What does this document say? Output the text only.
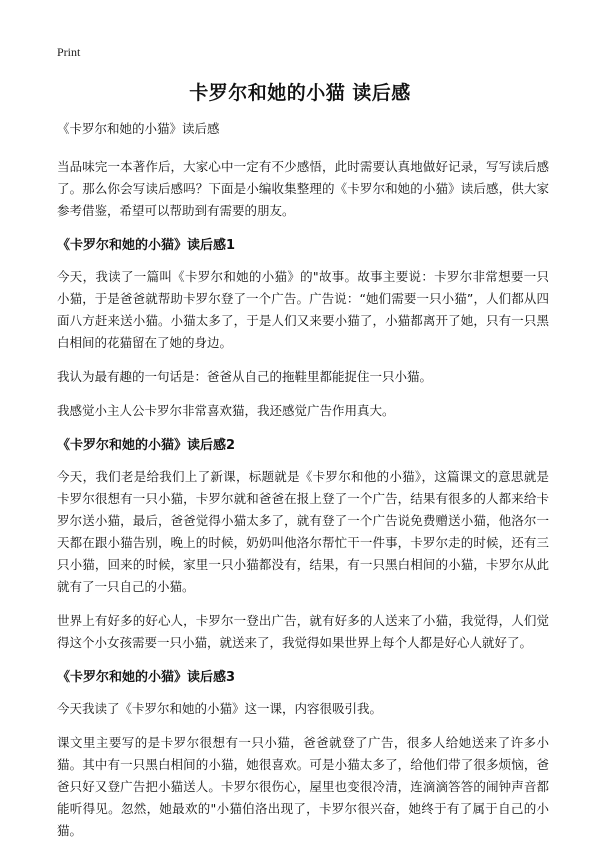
Print
卡罗尔和她的小猫 读后感

《卡罗尔和她的小猫》读后感

当品味完一本著作后，大家心中一定有不少感悟，此时需要认真地做好记录，写写读后感了。那么你会写读后感吗？下面是小编收集整理的《卡罗尔和她的小猫》读后感，供大家参考借鉴，希望可以帮助到有需要的朋友。

《卡罗尔和她的小猫》读后感1

今天，我读了一篇叫《卡罗尔和她的小猫》的"故事。故事主要说：卡罗尔非常想要一只小猫，于是爸爸就帮助卡罗尔登了一个广告。广告说：“她们需要一只小猫”，人们都从四面八方赶来送小猫。小猫太多了，于是人们又来要小猫了，小猫都离开了她，只有一只黑白相间的花猫留在了她的身边。

我认为最有趣的一句话是：爸爸从自己的拖鞋里都能捉住一只小猫。

我感觉小主人公卡罗尔非常喜欢猫，我还感觉广告作用真大。

《卡罗尔和她的小猫》读后感2

今天，我们老是给我们上了新课，标题就是《卡罗尔和他的小猫》，这篇课文的意思就是卡罗尔很想有一只小猫，卡罗尔就和爸爸在报上登了一个广告，结果有很多的人都来给卡罗尔送小猫，最后，爸爸觉得小猫太多了，就有登了一个广告说免费赠送小猫，他洛尔一天都在跟小猫告别，晚上的时候，奶奶叫他洛尔帮忙干一件事，卡罗尔走的时候，还有三只小猫，回来的时候，家里一只小猫都没有，结果，有一只黑白相间的小猫，卡罗尔从此就有了一只自己的小猫。

世界上有好多的好心人，卡罗尔一登出广告，就有好多的人送来了小猫，我觉得，人们觉得这个小女孩需要一只小猫，就送来了，我觉得如果世界上每个人都是好心人就好了。

《卡罗尔和她的小猫》读后感3

今天我读了《卡罗尔和她的小猫》这一课，内容很吸引我。

课文里主要写的是卡罗尔很想有一只小猫，爸爸就登了广告，很多人给她送来了许多小猫。其中有一只黑白相间的小猫，她很喜欢。可是小猫太多了，给他们带了很多烦恼，爸爸只好又登广告把小猫送人。卡罗尔很伤心，屋里也变很冷清，连滴滴答答的闹钟声音都能听得见。忽然，她最欢的"小猫伯洛出现了，卡罗尔很兴奋，她终于有了属于自己的小猫。
